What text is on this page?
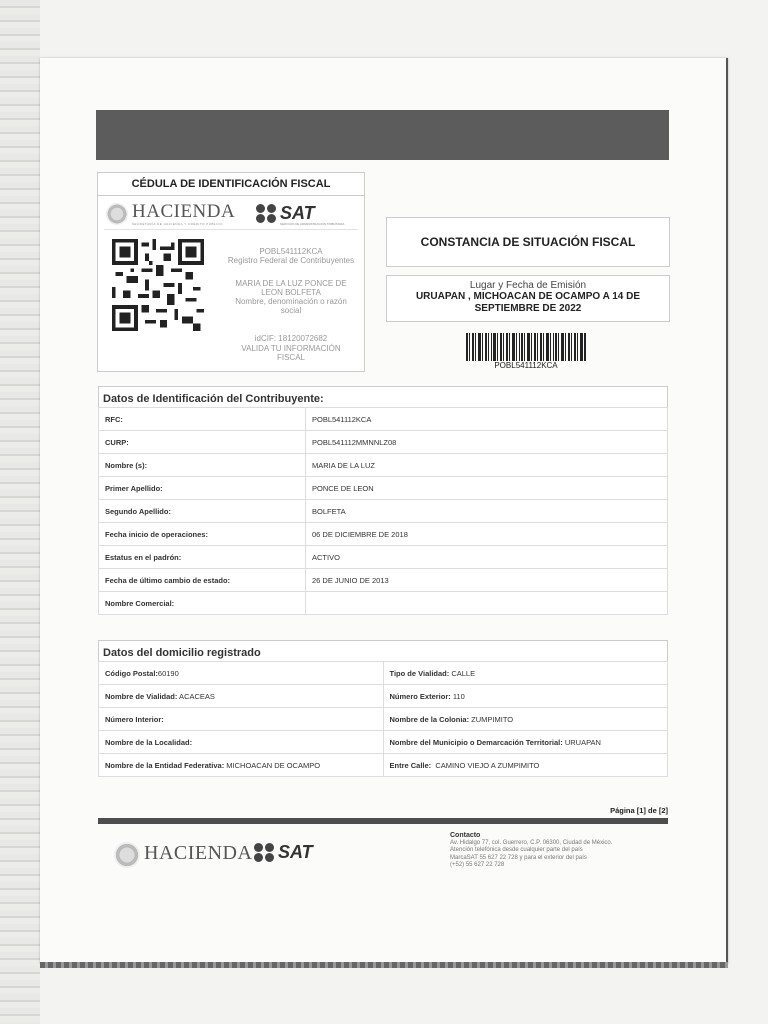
CÉDULA DE IDENTIFICACIÓN FISCAL
HACIENDA
SECRETARÍA DE HACIENDA Y CRÉDITO PÚBLICO
SAT
SERVICIO DE ADMINISTRACIÓN TRIBUTARIA
POBL541112KCA
Registro Federal de Contribuyentes
MARIA DE LA LUZ PONCE DE LEON BOLFETA
Nombre, denominación o razón social
idCIF: 18120072682
VALIDA TU INFORMACIÓN FISCAL
CONSTANCIA DE SITUACIÓN FISCAL
Lugar y Fecha de Emisión
URUAPAN , MICHOACAN DE OCAMPO A 14 DE SEPTIEMBRE DE 2022
POBL541112KCA
Datos de Identificación del Contribuyente:
RFC:	POBL541112KCA
CURP:	POBL541112MMNNLZ08
Nombre (s):	MARIA DE LA LUZ
Primer Apellido:	PONCE DE LEON
Segundo Apellido:	BOLFETA
Fecha inicio de operaciones:	06 DE DICIEMBRE DE 2018
Estatus en el padrón:	ACTIVO
Fecha de último cambio de estado:	26 DE JUNIO DE 2013
Nombre Comercial:	
Datos del domicilio registrado
Código Postal:60190	Tipo de Vialidad: CALLE
Nombre de Vialidad: ACACEAS	Número Exterior: 110
Número Interior:	Nombre de la Colonia: ZUMPIMITO
Nombre de la Localidad:	Nombre del Municipio o Demarcación Territorial: URUAPAN
Nombre de la Entidad Federativa: MICHOACAN DE OCAMPO	Entre Calle:  CAMINO VIEJO A ZUMPIMITO
Página [1] de [2]
HACIENDA SAT
Contacto
Av. Hidalgo 77, col. Guerrero, C.P. 06300, Ciudad de México.
Atención telefónica desde cualquier parte del país
MarcaSAT 55 627 22 728 y para el exterior del país
(+52) 55 627 22 728
